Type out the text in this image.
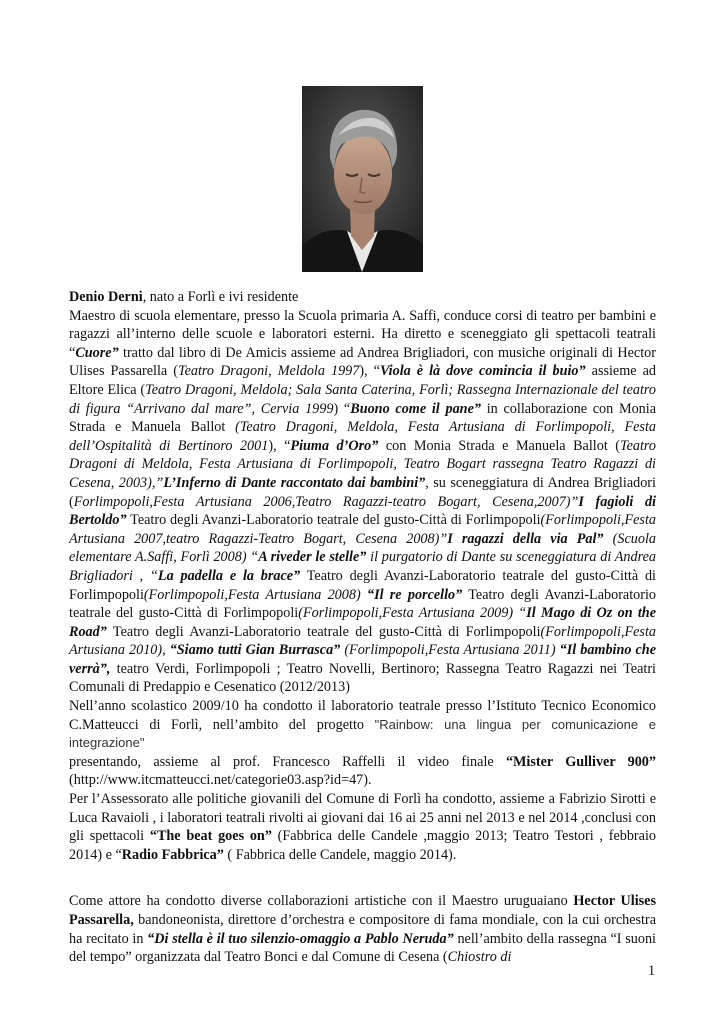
Denio Derni, nato a Forlì e ivi residente
Maestro di scuola elementare, presso la Scuola primaria A. Saffi, conduce corsi di teatro per bambini e ragazzi all’interno delle scuole e laboratori esterni. Ha diretto e sceneggiato gli spettacoli teatrali “Cuore” tratto dal libro di De Amicis assieme ad Andrea Brigliadori, con musiche originali di Hector Ulises Passarella (Teatro Dragoni, Meldola 1997), “Viola è là dove comincia il buio” assieme ad Eltore Elica (Teatro Dragoni, Meldola; Sala Santa Caterina, Forlì; Rassegna Internazionale del teatro di figura “Arrivano dal mare”, Cervia 1999) “Buono come il pane” in collaborazione con Monia Strada e Manuela Ballot (Teatro Dragoni, Meldola, Festa Artusiana di Forlimpopoli, Festa dell’Ospitalità di Bertinoro 2001), “Piuma d’Oro” con Monia Strada e Manuela Ballot (Teatro Dragoni di Meldola, Festa Artusiana di Forlimpopoli, Teatro Bogart rassegna Teatro Ragazzi di Cesena, 2003),”L’Inferno di Dante raccontato dai bambini”, su sceneggiatura di Andrea Brigliadori (Forlimpopoli,Festa Artusiana 2006,Teatro Ragazzi-teatro Bogart, Cesena,2007)”I fagioli di Bertoldo” Teatro degli Avanzi-Laboratorio teatrale del gusto-Città di Forlimpopoli(Forlimpopoli,Festa Artusiana 2007,teatro Ragazzi-Teatro Bogart, Cesena 2008)”I ragazzi della via Pal” (Scuola elementare A.Saffi, Forlì 2008) “A riveder le stelle” il purgatorio di Dante su sceneggiatura di Andrea Brigliadori , “La padella e la brace” Teatro degli Avanzi-Laboratorio teatrale del gusto-Città di Forlimpopoli(Forlimpopoli,Festa Artusiana 2008) “Il re porcello” Teatro degli Avanzi-Laboratorio teatrale del gusto-Città di Forlimpopoli(Forlimpopoli,Festa Artusiana 2009) “Il Mago di Oz on the Road” Teatro degli Avanzi-Laboratorio teatrale del gusto-Città di Forlimpopoli(Forlimpopoli,Festa Artusiana 2010), “Siamo tutti Gian Burrasca” (Forlimpopoli,Festa Artusiana 2011) “Il bambino che verrà”, teatro Verdi, Forlimpopoli ; Teatro Novelli, Bertinoro; Rassegna Teatro Ragazzi nei Teatri Comunali di Predappio e Cesenatico (2012/2013)
Nell’anno scolastico 2009/10 ha condotto il laboratorio teatrale presso l’Istituto Tecnico Economico C.Matteucci di Forlì, nell’ambito del progetto "Rainbow: una lingua per comunicazione e integrazione"
presentando, assieme al prof. Francesco Raffelli il video finale “Mister Gulliver 900” (http://www.itcmatteucci.net/categorie03.asp?id=47).
Per l’Assessorato alle politiche giovanili del Comune di Forlì ha condotto, assieme a Fabrizio Sirotti e Luca Ravaioli , i laboratori teatrali rivolti ai giovani dai 16 ai 25 anni nel 2013 e nel 2014 ,conclusi con gli spettacoli “The beat goes on” (Fabbrica delle Candele ,maggio 2013; Teatro Testori , febbraio 2014) e “Radio Fabbrica” ( Fabbrica delle Candele, maggio 2014).

Come attore ha condotto diverse collaborazioni artistiche con il Maestro uruguaiano Hector Ulises Passarella, bandoneonista, direttore d’orchestra e compositore di fama mondiale, con la cui orchestra ha recitato in “Di stella è il tuo silenzio-omaggio a Pablo Neruda” nell’ambito della rassegna “I suoni del tempo” organizzata dal Teatro Bonci e dal Comune di Cesena (Chiostro di

1
